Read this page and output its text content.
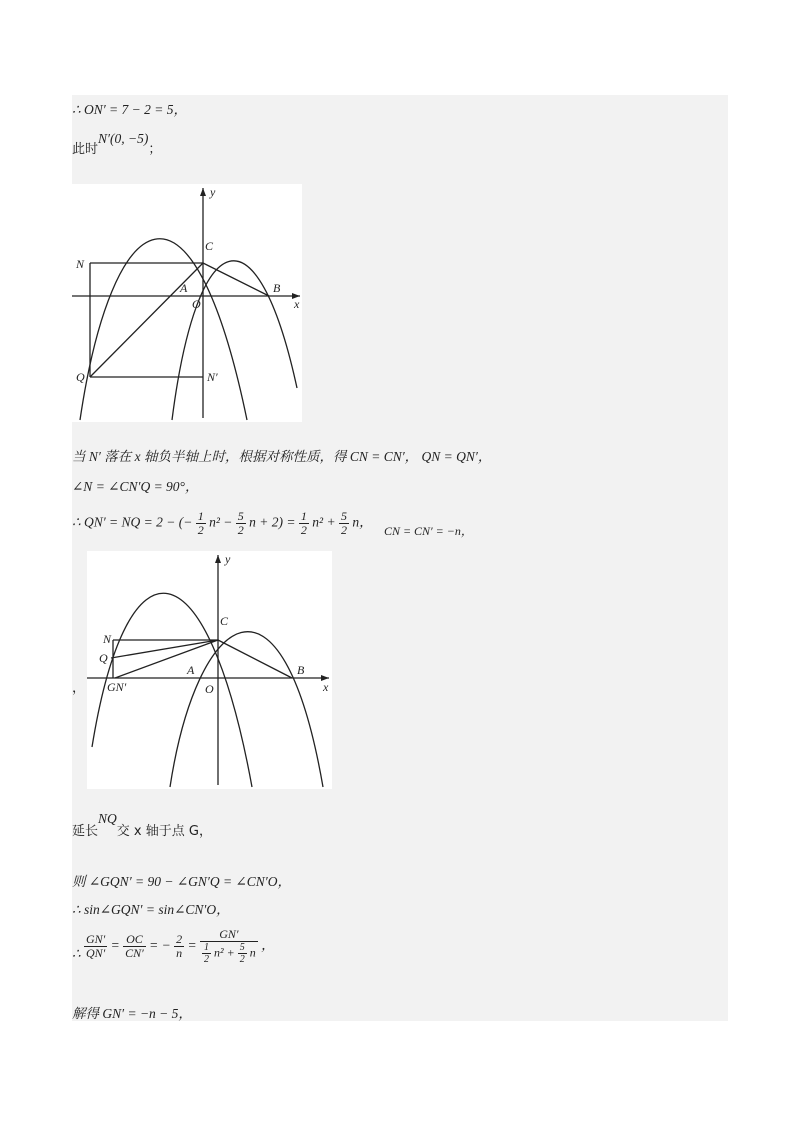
∴ ON′ = 7 − 2 = 5，
此时N′(0, −5)；
y
x
C
N
A
O
B
Q	N′
当 N′ 落在 x 轴负半轴上时，根据对称性质，得 CN = CN′， QN = QN′，
∠N = ∠CN′Q = 90°，
∴ QN′ = NQ = 2 − (− $\frac{1}{2} n^2 - \frac{5}{2}$ $n + 2) = \frac{1}{2} n^2 + \frac{5}{2}$ n， CN = CN′ = −n，
，
y
x
C
N
Q
GN′
A
O
B
延长NQ交 x 轴于点 G，
则 ∠GQN′ = 90 − ∠GN′Q = ∠CN′O，
∴ sin∠GQN′ = sin∠CN′O，
∴ $\frac{GN'}{QN'} = \frac{OC}{CN'}$ = − $\frac{2}{n} = \frac{GN'}{\frac{1}{2} n^2 + \frac{5}{2} n}$ ，
解得 GN′ = −n − 5，
